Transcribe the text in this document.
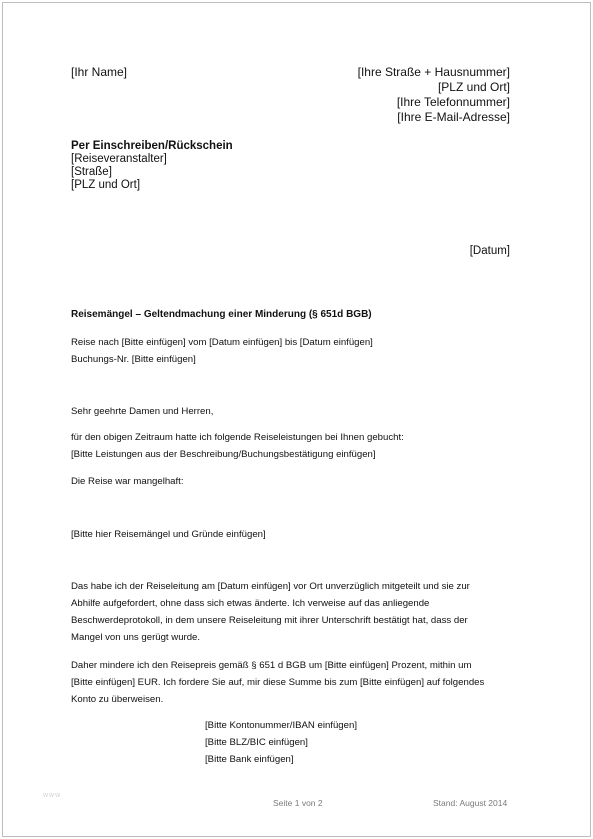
[Ihr Name]	[Ihre Straße + Hausnummer]
[PLZ und Ort]
[Ihre Telefonnummer]
[Ihre E-Mail-Adresse]
Per Einschreiben/Rückschein
[Reiseveranstalter]
[Straße]
[PLZ und Ort]
[Datum]
Reisemängel – Geltendmachung einer Minderung (§ 651d BGB)
Reise nach [Bitte einfügen] vom [Datum einfügen] bis [Datum einfügen]
Buchungs-Nr. [Bitte einfügen]
Sehr geehrte Damen und Herren,
für den obigen Zeitraum hatte ich folgende Reiseleistungen bei Ihnen gebucht:
[Bitte Leistungen aus der Beschreibung/Buchungsbestätigung einfügen]
Die Reise war mangelhaft:
[Bitte hier Reisemängel und Gründe einfügen]
Das habe ich der Reiseleitung am [Datum einfügen] vor Ort unverzüglich mitgeteilt und sie zur
Abhilfe aufgefordert, ohne dass sich etwas änderte. Ich verweise auf das anliegende
Beschwerdeprotokoll, in dem unsere Reiseleitung mit ihrer Unterschrift bestätigt hat, dass der
Mangel von uns gerügt wurde.
Daher mindere ich den Reisepreis gemäß § 651 d BGB um [Bitte einfügen] Prozent, mithin um
[Bitte einfügen] EUR. Ich fordere Sie auf, mir diese Summe bis zum [Bitte einfügen] auf folgendes
Konto zu überweisen.
[Bitte Kontonummer/IBAN einfügen]
[Bitte BLZ/BIC einfügen]
[Bitte Bank einfügen]
www
Seite 1 von 2	Stand: August 2014
